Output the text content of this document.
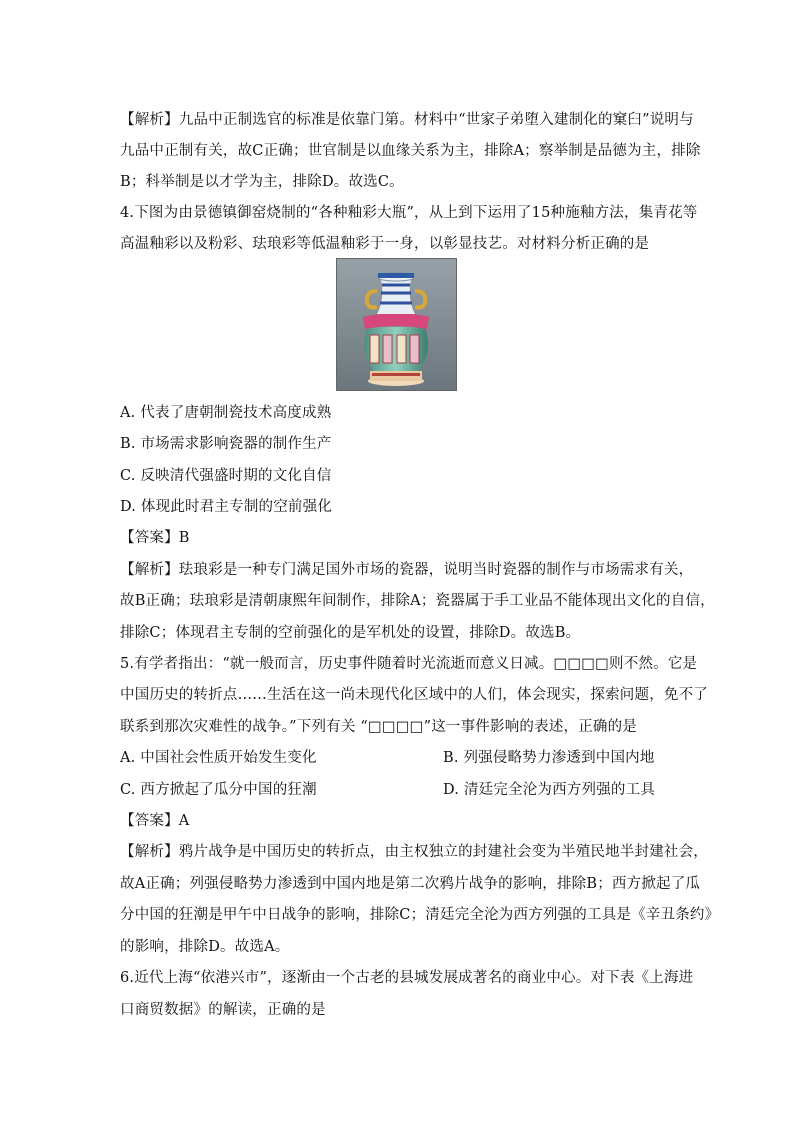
【解析】九品中正制选官的标准是依靠门第。材料中“世家子弟堕入建制化的窠臼”说明与
九品中正制有关，故C正确；世官制是以血缘关系为主，排除A；察举制是品德为主，排除
B；科举制是以才学为主，排除D。故选C。
4.下图为由景德镇御窑烧制的“各种釉彩大瓶”，从上到下运用了15种施釉方法，集青花等
高温釉彩以及粉彩、珐琅彩等低温釉彩于一身，以彰显技艺。对材料分析正确的是
A. 代表了唐朝制瓷技术高度成熟
B. 市场需求影响瓷器的制作生产
C. 反映清代强盛时期的文化自信
D. 体现此时君主专制的空前强化
【答案】B
【解析】珐琅彩是一种专门满足国外市场的瓷器，说明当时瓷器的制作与市场需求有关，
故B正确；珐琅彩是清朝康熙年间制作，排除A；瓷器属于手工业品不能体现出文化的自信，
排除C；体现君主专制的空前强化的是军机处的设置，排除D。故选B。
5.有学者指出：“就一般而言，历史事件随着时光流逝而意义日减。□□□□则不然。它是
中国历史的转折点……生活在这一尚未现代化区域中的人们，体会现实，探索问题，免不了
联系到那次灾难性的战争。”下列有关 “□□□□”这一事件影响的表述，正确的是
A. 中国社会性质开始发生变化	B. 列强侵略势力渗透到中国内地
C. 西方掀起了瓜分中国的狂潮	D. 清廷完全沦为西方列强的工具
【答案】A
【解析】鸦片战争是中国历史的转折点，由主权独立的封建社会变为半殖民地半封建社会，
故A正确；列强侵略势力渗透到中国内地是第二次鸦片战争的影响，排除B；西方掀起了瓜
分中国的狂潮是甲午中日战争的影响，排除C；清廷完全沦为西方列强的工具是《辛丑条约》
的影响，排除D。故选A。
6.近代上海“依港兴市”，逐渐由一个古老的县城发展成著名的商业中心。对下表《上海进
口商贸数据》的解读，正确的是
